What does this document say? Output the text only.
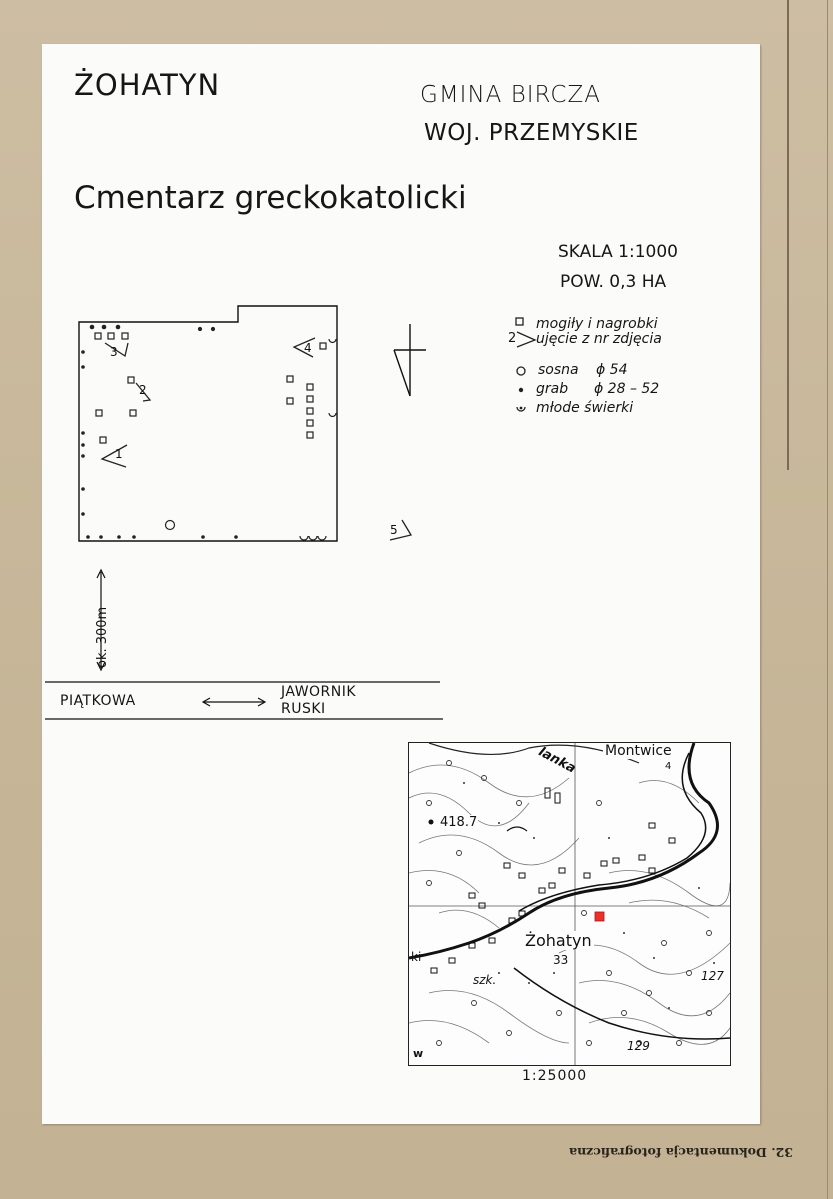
ŻOHATYN	GMINA BIRCZA
WOJ. PRZEMYSKIE
Cmentarz greckokatolicki
SKALA 1:1000
POW. 0,3 HA
2
mogiły i nagrobki
ujęcie z nr zdjęcia
sosna ϕ 54
grab ϕ 28 – 52
młode świerki
1
2
3	4
5
ok. 300m
PIĄTKOWA
JAWORNIK
RUSKI
Montwice
4
lanka
418.7
Żohatyn
33
127
129
szk.
ki
w
1:25000
32. Dokumentacja fotograficzna
